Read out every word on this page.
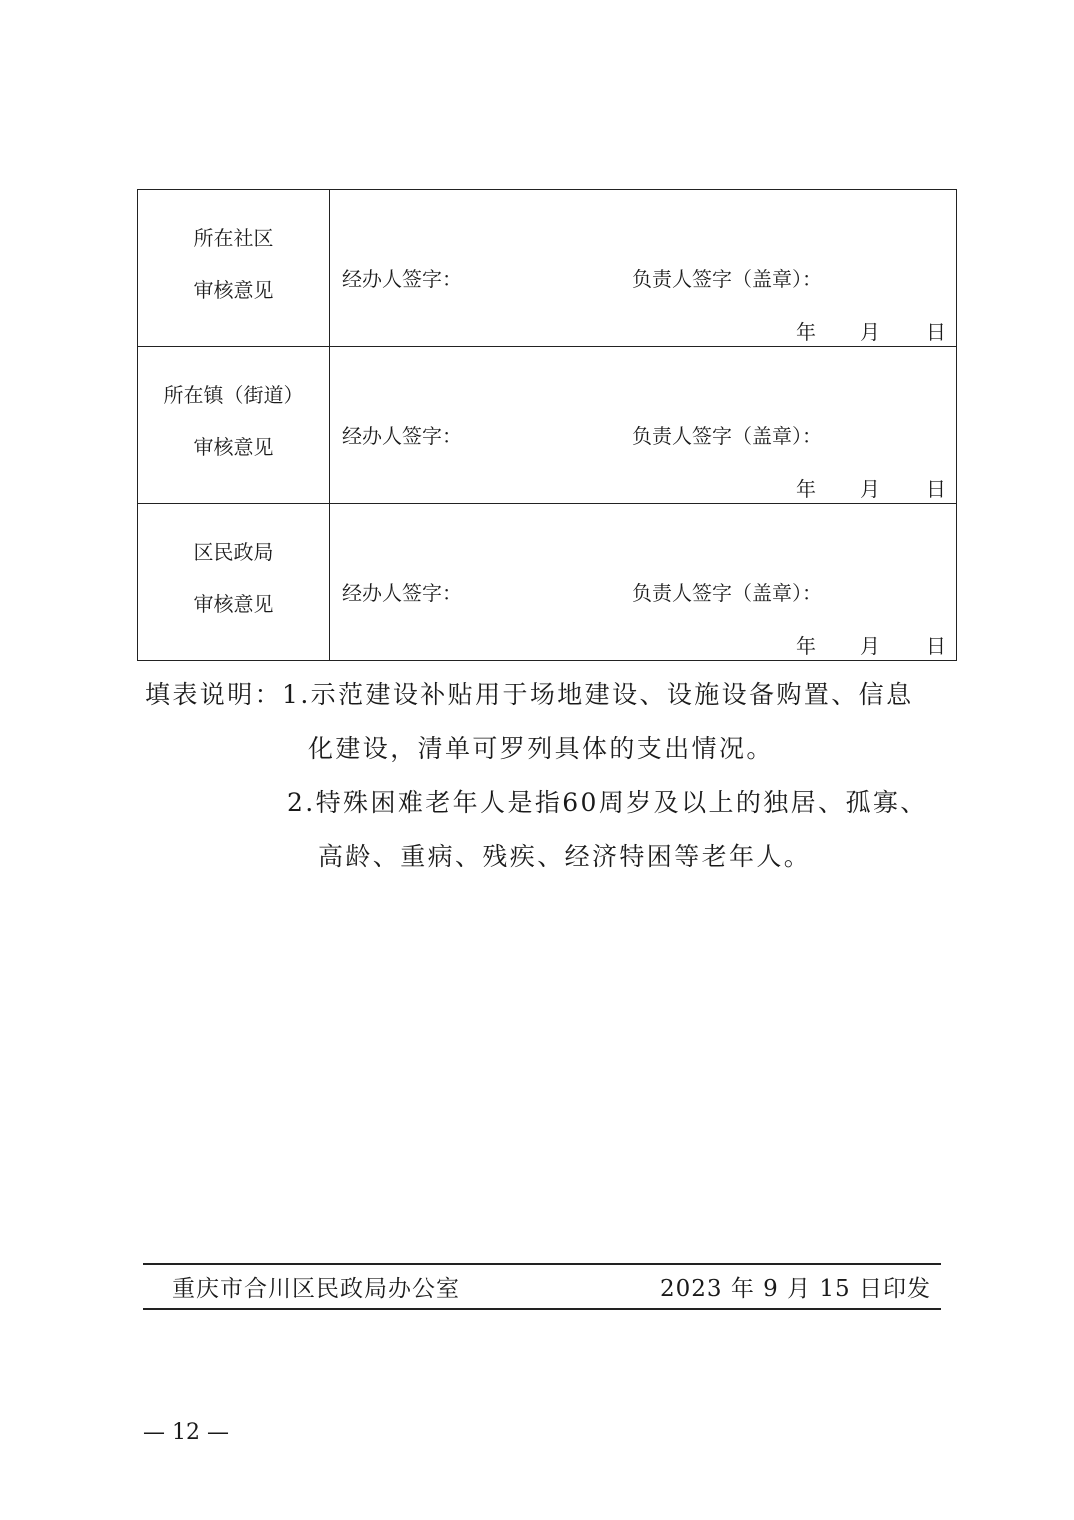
所在社区
审核意见	经办人签字： 负责人签字（盖章）：
年 月 日

所在镇（街道）
审核意见	经办人签字： 负责人签字（盖章）：
年 月 日

区民政局
审核意见	经办人签字： 负责人签字（盖章）：
年 月 日
填表说明：1.示范建设补贴用于场地建设、设施设备购置、信息
化建设，清单可罗列具体的支出情况。
2.特殊困难老年人是指60周岁及以上的独居、孤寡、
高龄、重病、残疾、经济特困等老年人。
重庆市合川区民政局办公室	2023 年 9 月 15 日印发
— 12 —
